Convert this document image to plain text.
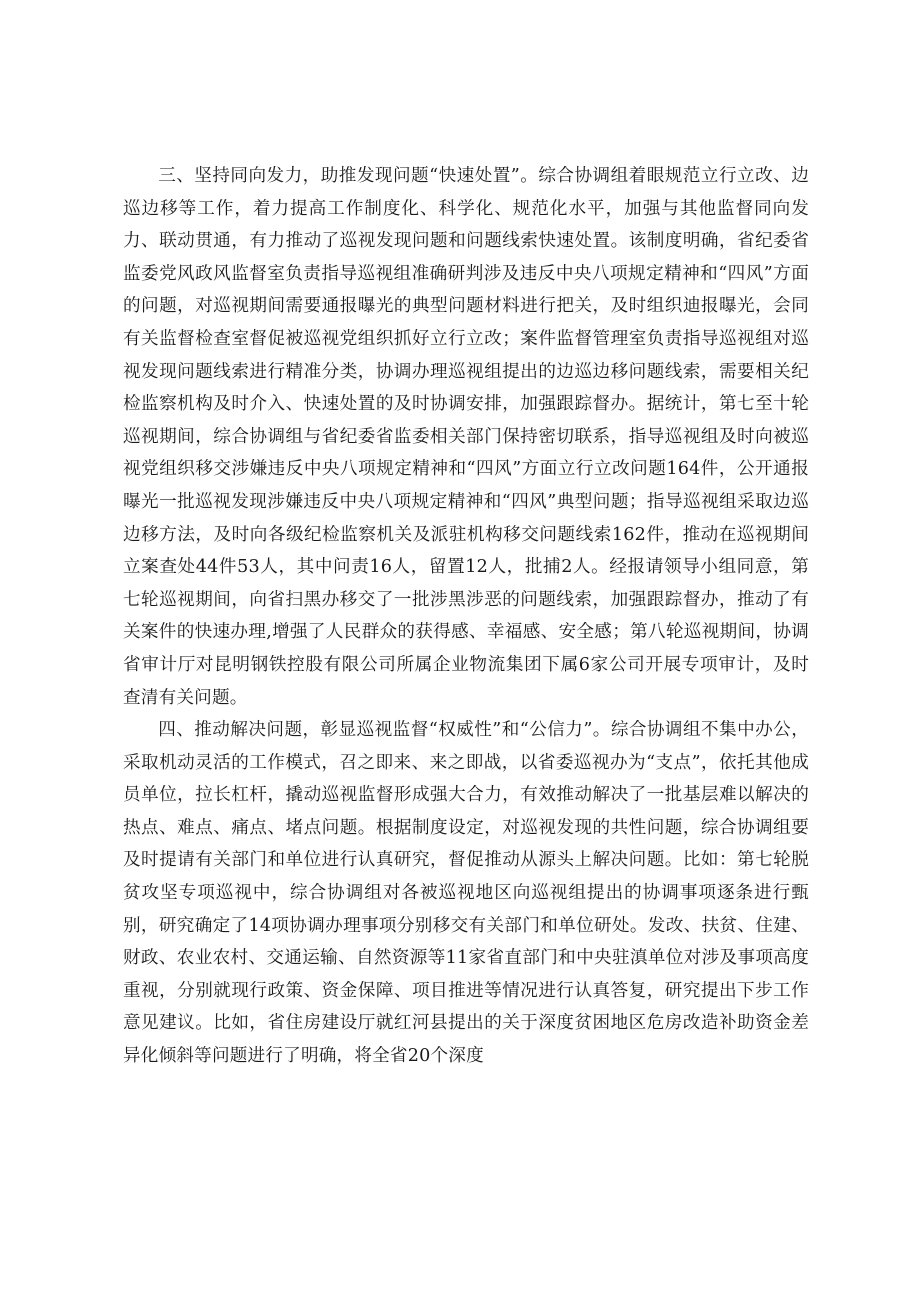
三、坚持同向发力，助推发现问题“快速处置”。综合协调组着眼规范立行立改、边巡边移等工作，着力提高工作制度化、科学化、规范化水平，加强与其他监督同向发力、联动贯通，有力推动了巡视发现问题和问题线索快速处置。该制度明确，省纪委省监委党风政风监督室负责指导巡视组准确研判涉及违反中央八项规定精神和“四风”方面的问题，对巡视期间需要通报曝光的典型问题材料进行把关，及时组织迪报曝光，会同有关监督检查室督促被巡视党组织抓好立行立改；案件监督管理室负责指导巡视组对巡视发现问题线索进行精准分类，协调办理巡视组提出的边巡边移问题线索，需要相关纪检监察机构及时介入、快速处置的及时协调安排，加强跟踪督办。据统计，第七至十轮巡视期间，综合协调组与省纪委省监委相关部门保持密切联系，指导巡视组及时向被巡视党组织移交涉嫌违反中央八项规定精神和“四风”方面立行立改问题164件，公开通报曝光一批巡视发现涉嫌违反中央八项规定精神和“四风”典型问题；指导巡视组采取边巡边移方法，及时向各级纪检监察机关及派驻机构移交问题线索162件，推动在巡视期间立案查处44件53人，其中问责16人，留置12人，批捕2人。经报请领导小组同意，第七轮巡视期间，向省扫黑办移交了一批涉黑涉恶的问题线索，加强跟踪督办，推动了有关案件的快速办理,增强了人民群众的获得感、幸福感、安全感；第八轮巡视期间，协调省审计厅对昆明钢铁控股有限公司所属企业物流集团下属6家公司开展专项审计，及时查清有关问题。

四、推动解决问题，彰显巡视监督“权威性”和“公信力”。综合协调组不集中办公，采取机动灵活的工作模式，召之即来、来之即战，以省委巡视办为“支点”，依托其他成员单位，拉长杠杆，撬动巡视监督形成强大合力，有效推动解决了一批基层难以解决的热点、难点、痛点、堵点问题。根据制度设定，对巡视发现的共性问题，综合协调组要及时提请有关部门和单位进行认真研究，督促推动从源头上解决问题。比如：第七轮脱贫攻坚专项巡视中，综合协调组对各被巡视地区向巡视组提出的协调事项逐条进行甄别，研究确定了14项协调办理事项分别移交有关部门和单位研处。发改、扶贫、住建、财政、农业农村、交通运输、自然资源等11家省直部门和中央驻滇单位对涉及事项高度重视，分别就现行政策、资金保障、项目推进等情况进行认真答复，研究提出下步工作意见建议。比如，省住房建设厅就红河县提出的关于深度贫困地区危房改造补助资金差异化倾斜等问题进行了明确，将全省20个深度
